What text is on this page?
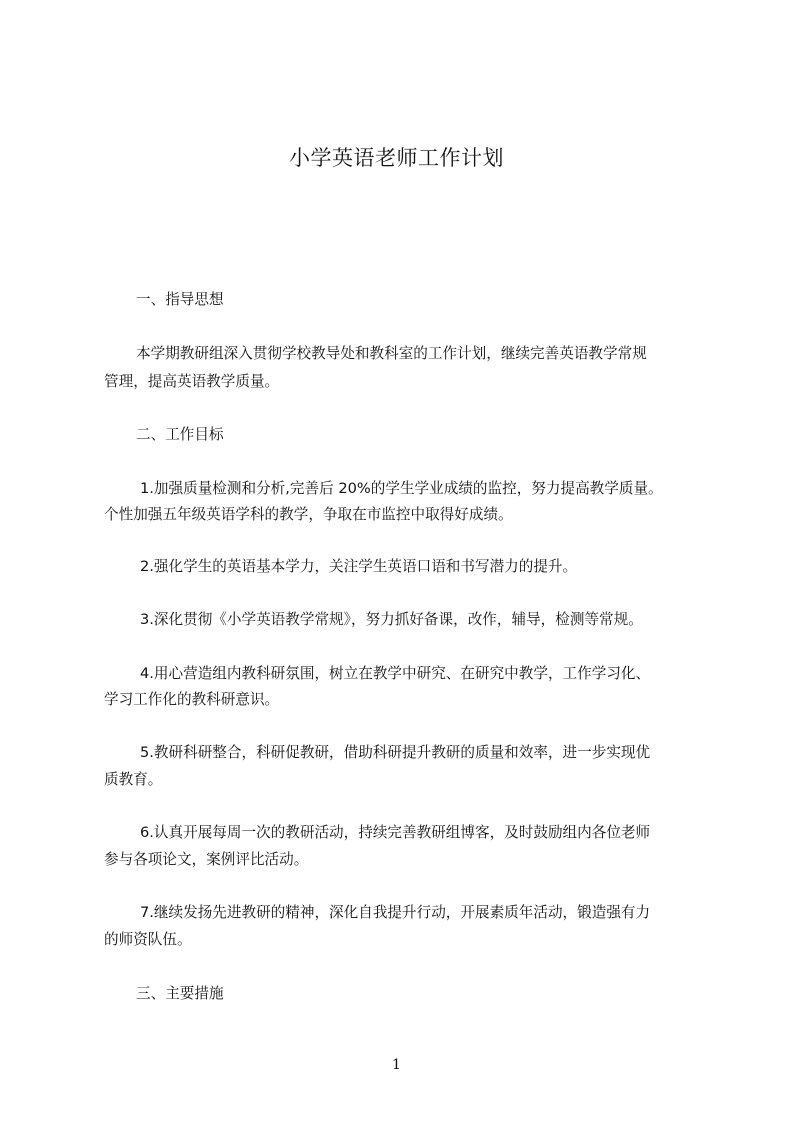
小学英语老师工作计划

一、指导思想

本学期教研组深入贯彻学校教导处和教科室的工作计划，继续完善英语教学常规

管理，提高英语教学质量。

二、工作目标

1.加强质量检测和分析,完善后 20%的学生学业成绩的监控，努力提高教学质量。

个性加强五年级英语学科的教学，争取在市监控中取得好成绩。

2.强化学生的英语基本学力，关注学生英语口语和书写潜力的提升。

3.深化贯彻《小学英语教学常规》，努力抓好备课，改作，辅导，检测等常规。

4.用心营造组内教科研氛围，树立在教学中研究、在研究中教学，工作学习化、

学习工作化的教科研意识。

5.教研科研整合，科研促教研，借助科研提升教研的质量和效率，进一步实现优

质教育。

6.认真开展每周一次的教研活动，持续完善教研组博客，及时鼓励组内各位老师

参与各项论文，案例评比活动。

7.继续发扬先进教研的精神，深化自我提升行动，开展素质年活动，锻造强有力

的师资队伍。

三、主要措施

1
